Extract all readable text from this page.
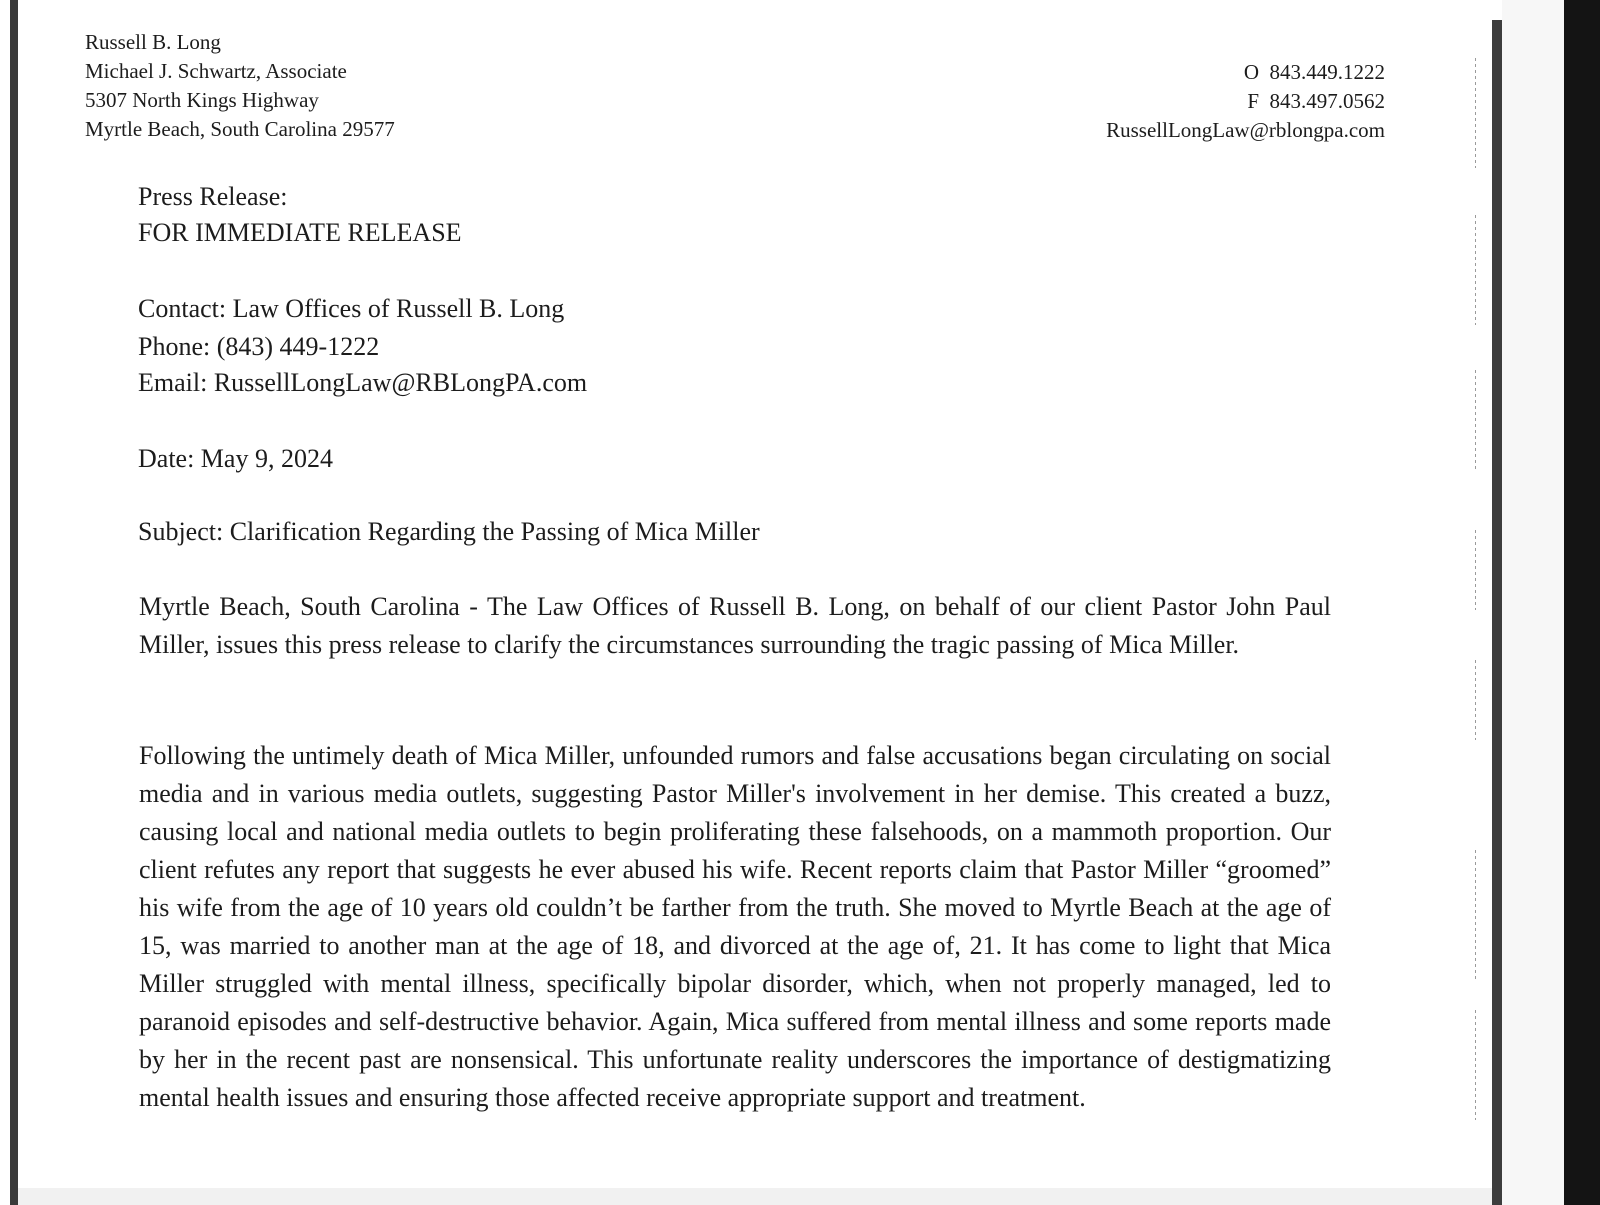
Russell B. Long
Michael J. Schwartz, Associate
5307 North Kings Highway
Myrtle Beach, South Carolina 29577
O  843.449.1222
F  843.497.0562
RussellLongLaw@rblongpa.com
Press Release:
FOR IMMEDIATE RELEASE
Contact: Law Offices of Russell B. Long
Phone: (843) 449-1222
Email: RussellLongLaw@RBLongPA.com
Date: May 9, 2024
Subject: Clarification Regarding the Passing of Mica Miller
Myrtle Beach, South Carolina - The Law Offices of Russell B. Long, on behalf of our client Pastor John Paul Miller, issues this press release to clarify the circumstances surrounding the tragic passing of Mica Miller.
Following the untimely death of Mica Miller, unfounded rumors and false accusations began circulating on social media and in various media outlets, suggesting Pastor Miller's involvement in her demise. This created a buzz, causing local and national media outlets to begin proliferating these falsehoods, on a mammoth proportion. Our client refutes any report that suggests he ever abused his wife. Recent reports claim that Pastor Miller “groomed” his wife from the age of 10 years old couldn’t be farther from the truth. She moved to Myrtle Beach at the age of 15, was married to another man at the age of 18, and divorced at the age of, 21. It has come to light that Mica Miller struggled with mental illness, specifically bipolar disorder, which, when not properly managed, led to paranoid episodes and self-destructive behavior. Again, Mica suffered from mental illness and some reports made by her in the recent past are nonsensical. This unfortunate reality underscores the importance of destigmatizing mental health issues and ensuring those affected receive appropriate support and treatment.
